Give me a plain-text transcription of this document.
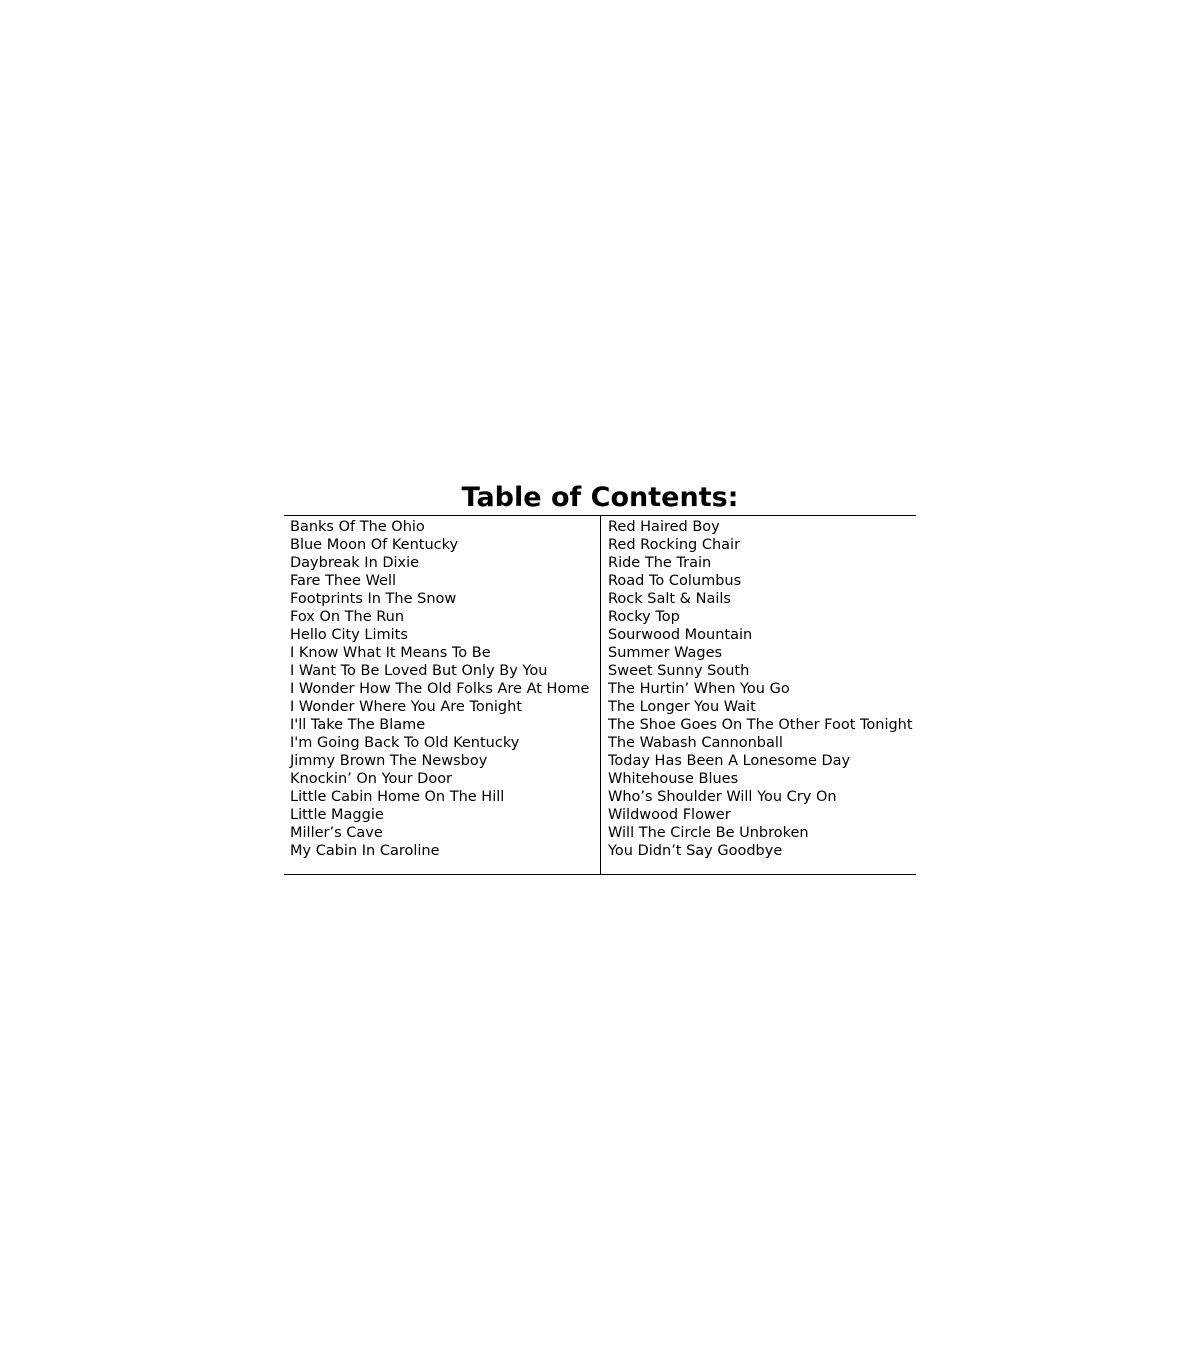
Table of Contents:
Banks Of The Ohio
Blue Moon Of Kentucky
Daybreak In Dixie
Fare Thee Well
Footprints In The Snow
Fox On The Run
Hello City Limits
I Know What It Means To Be
I Want To Be Loved But Only By You
I Wonder How The Old Folks Are At Home
I Wonder Where You Are Tonight
I'll Take The Blame
I'm Going Back To Old Kentucky
Jimmy Brown The Newsboy
Knockin’ On Your Door
Little Cabin Home On The Hill
Little Maggie
Miller’s Cave
My Cabin In Caroline
Red Haired Boy
Red Rocking Chair
Ride The Train
Road To Columbus
Rock Salt & Nails
Rocky Top
Sourwood Mountain
Summer Wages
Sweet Sunny South
The Hurtin’ When You Go
The Longer You Wait
The Shoe Goes On The Other Foot Tonight
The Wabash Cannonball
Today Has Been A Lonesome Day
Whitehouse Blues
Who’s Shoulder Will You Cry On
Wildwood Flower
Will The Circle Be Unbroken
You Didn’t Say Goodbye
